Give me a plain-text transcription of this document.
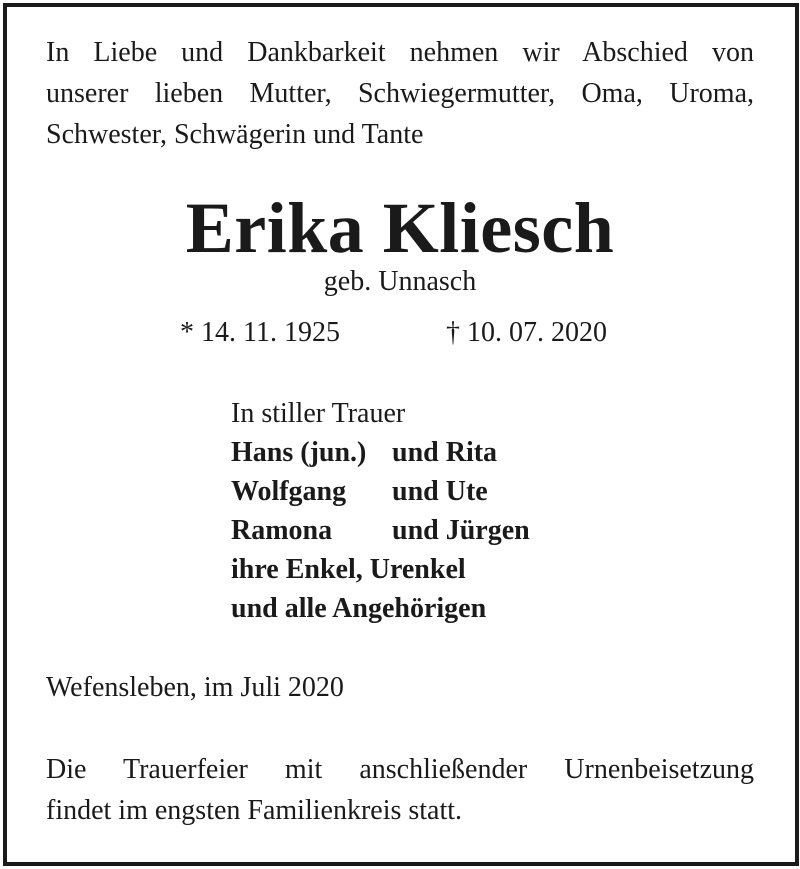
In Liebe und Dankbarkeit nehmen wir Abschied von
unserer lieben Mutter, Schwiegermutter, Oma, Uroma,
Schwester, Schwägerin und Tante
Erika Kliesch
geb. Unnasch
* 14. 11. 1925	† 10. 07. 2020
In stiller Trauer
Hans (jun.) und Rita
Wolfgang und Ute
Ramona und Jürgen
ihre Enkel, Urenkel
und alle Angehörigen
Wefensleben, im Juli 2020
Die Trauerfeier mit anschließender Urnenbeisetzung
findet im engsten Familienkreis statt.
